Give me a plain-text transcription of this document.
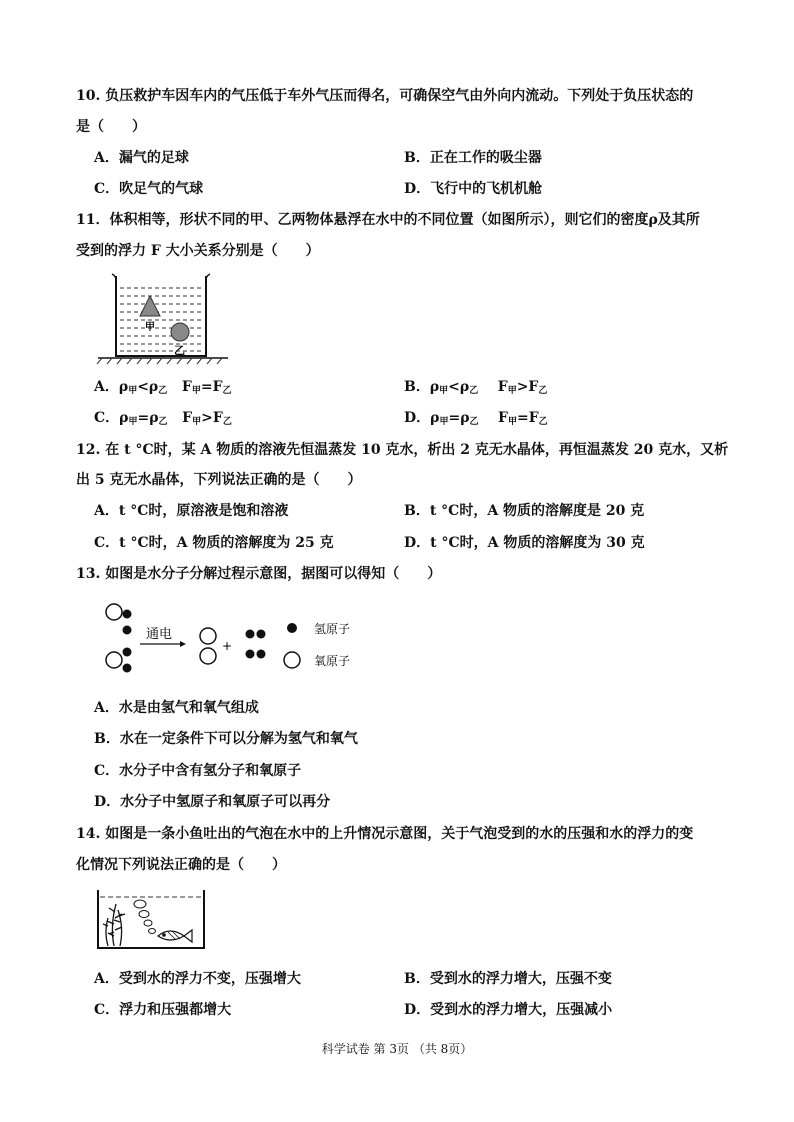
10. 负压救护车因车内的气压低于车外气压而得名，可确保空气由外向内流动。下列处于负压状态的
是（　　）
A．漏气的足球	B．正在工作的吸尘器
C．吹足气的气球	D．飞行中的飞机机舱
11．体积相等，形状不同的甲、乙两物体悬浮在水中的不同位置（如图所示），则它们的密度ρ及其所
受到的浮力 F 大小关系分别是（　　）
甲
乙
A．$\rho_甲<\rho_乙$ $F_甲=F_乙$	B．$\rho_甲<\rho_乙$ $F_甲>F_乙$
C．$\rho_甲=\rho_乙$ $F_甲>F_乙$	D．$\rho_甲=\rho_乙$ $F_甲=F_乙$
12. 在 t °C时，某 A 物质的溶液先恒温蒸发 10 克水，析出 2 克无水晶体，再恒温蒸发 20 克水，又析
出 5 克无水晶体，下列说法正确的是（　　）
A．t °C时，原溶液是饱和溶液	B．t °C时，A 物质的溶解度是 20 克
C．t °C时，A 物质的溶解度为 25 克	D．t °C时，A 物质的溶解度为 30 克
13. 如图是水分子分解过程示意图，据图可以得知（　　）
通电
+
氢原子
氧原子
A．水是由氢气和氧气组成
B．水在一定条件下可以分解为氢气和氧气
C．水分子中含有氢分子和氧原子
D．水分子中氢原子和氧原子可以再分
14. 如图是一条小鱼吐出的气泡在水中的上升情况示意图，关于气泡受到的水的压强和水的浮力的变
化情况下列说法正确的是（　　）
A．受到水的浮力不变，压强增大	B．受到水的浮力增大，压强不变
C．浮力和压强都增大	D．受到水的浮力增大，压强减小
科学试卷 第 3页 （共 8页）
